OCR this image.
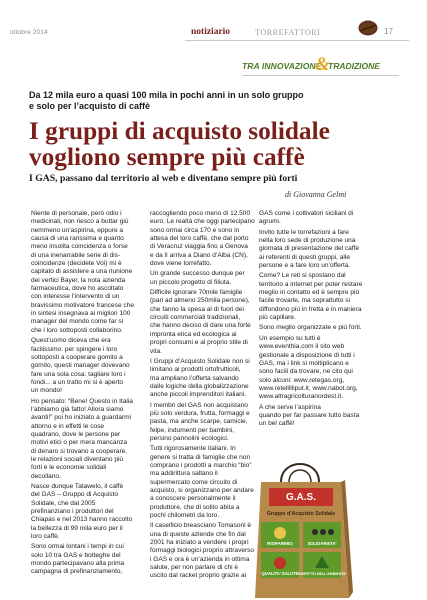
ottobre 2014	notiziario	TORREFATTORI	17
TRA INNOVAZIONE
&
TRADIZIONE
Da 12 mila euro a quasi 100 mila in pochi anni in un solo gruppo
e solo per l’acquisto di caffè
I gruppi di acquisto solidale
vogliono sempre più caffè
I GAS, passano dal territorio al web e diventano sempre più forti
di Giovanna Gelmi

Niente di personale, però odio i
medicinali, non riesco a buttar giù
nemmeno un’aspirina, eppure a
causa di una rarissima e quanto
meno insolita coincidenza o forse
di una inenarrabile serie di dis-
coincidenze (decidete Voi) mi è
capitato di assistere a una riunione
dei vertici Bayer, la nota azienda
farmaceutica, dove ho ascoltato
con interesse l’intervento di un
bravissimo motivatore francese che
in sintesi insegnava ai migliori 100
manager del mondo come far sì
che i loro sottoposti collaborino.

Quest’uomo diceva che era
facilissimo: per spingere i loro
sottoposti a cooperare gomito a
gomito, questi manager dovevano
fare una sola cosa: tagliare loro i
fondi... a un tratto mi si è aperto
un mondo!

Ho pensato: “Bene! Questo in Italia
l’abbiamo già fatto! Allora siamo
avanti!” poi ho iniziato a guardarmi
attorno e in effetti le cose
quadrano, dove le persone per
motivi etici o per mera mancanza
di denaro si trovano a cooperare,
le relazioni sociali diventano più
forti e le economie solidali
decollano.

Nasce dunque Tatawelo, il caffè
del GAS – Gruppo di Acquisto
Solidale, che dal 2005
prefinanziano i produttori del
Chiapas e nel 2013 hanno raccolto
la bellezza di 99 mila euro per il
loro caffè.

Sono ormai lontani i tempi in cui
solo 10 tra GAS e botteghe del
mondo partecipavano alla prima
campagna di prefinanziamento,

raccogliendo poco meno di 12.500
euro. Le realtà che oggi partecipano
sono ormai circa 170 e sono in
attesa del loro caffè, che dal porto
di Veracruz viaggia fino a Genova
e da lì arriva a Diano d’Alba (CN),
dove viene torrefatto.

Un grande successo dunque per
un piccolo progetto di filiuta.

Difficile ignorare 70mile famiglie
(pari ad almeno 250mila persone),
che fanno la spesa al di fuori dei
circuiti commerciali tradizionali,
che hanno deciso di dare una forte
impronta etica ed ecologica ai
propri consumi e al proprio stile di
vita.

I Gruppi d’Acquisto Solidale non si
limitano ai prodotti ortofrutticoli,
ma ampliano l’offerta salvando
dalle logiche della globalizzazione
anche piccoli imprenditori italiani.

I membri dei GAS non acquistano
più solo verdura, frutta, formaggi e
pasta, ma anche scarpe, camicie,
felpe, indumenti per bambini,
persino pannolini ecologici.

Tutti rigorosamente italiani. In
genere si tratta di famiglie che non
comprano i prodotti a marchio “bio”
ma addirittura saltano il
supermercato come circuito di
acquisto, si organizzano per andare
a conoscere personalmente il
produttore, che di solito abita a
pochi chilometri da loro.

Il caseificio breasciano Tomasoni è
una di queste aziende che fin dal
2001 ha iniziato a vendere i propri
formaggi biologici proprio attraverso
i GAS e ora è un’azienda in ottima
salute, per non parlare di chi è
uscito dal racket proprio grazie ai

GAS come i coltivatori siciliani di
agrumi.

Invito tutte le torrefazioni a fare
nella loro sede di produzione una
giornata di presentazione del caffè
ai referenti di questi gruppi, alle
persone e a fare loro un’offerta.

Come? Le reti si spostano dal
territorio a internet per poter restare
meglio in contatto ed è sempre più
facile trovarle, ma soprattutto si
diffondono più in fretta e in maniera
più capillare.

Sono meglio organizzate e più forti.

Un esempio su tutti è
www.eventhia.com il sito web
gestionale a disposizione di tutti i
GAS, ma i link si moltiplicano e
sono facili da trovare, ne cito qui
solo alcuni: www.retegas.org,
www.retellilliput.it, www.nabot.org,
www.altragricolturanordest.it.

A che serve l’aspirina
quando per far passare tutto basta
un bel caffè!

G.A.S.
Gruppo d’Acquisto Solidale
RISPARMIO	SOLIDARIETA’
QUALITA’ SALUTE RISPETTO DELL’AMBIENTE
